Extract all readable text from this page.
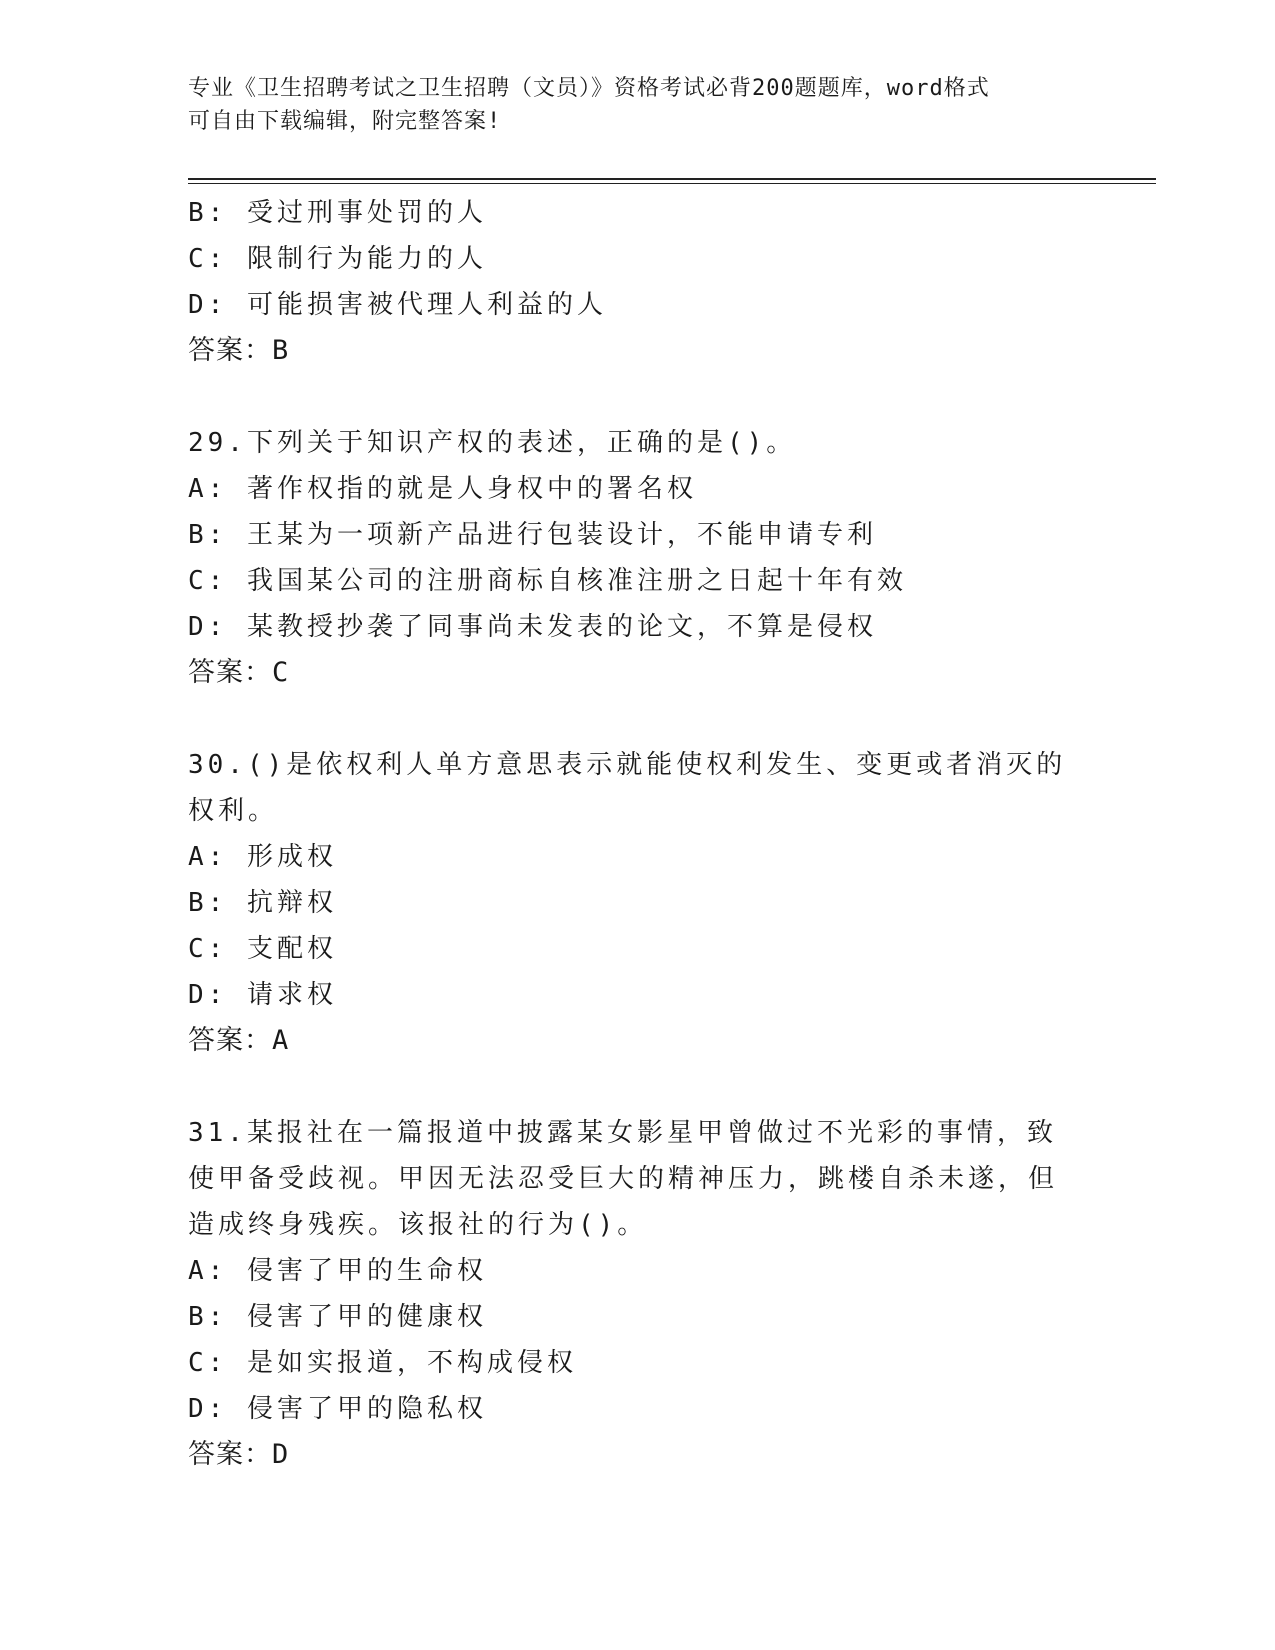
专业《卫生招聘考试之卫生招聘（文员）》资格考试必背200题题库，word格式
可自由下载编辑，附完整答案!
B: 受过刑事处罚的人
C: 限制行为能力的人
D: 可能损害被代理人利益的人
答案：B
29.下列关于知识产权的表述，正确的是()。
A: 著作权指的就是人身权中的署名权
B: 王某为一项新产品进行包装设计，不能申请专利
C: 我国某公司的注册商标自核准注册之日起十年有效
D: 某教授抄袭了同事尚未发表的论文，不算是侵权
答案：C
30.()是依权利人单方意思表示就能使权利发生、变更或者消灭的权利。
A: 形成权
B: 抗辩权
C: 支配权
D: 请求权
答案：A
31.某报社在一篇报道中披露某女影星甲曾做过不光彩的事情，致使甲备受歧视。甲因无法忍受巨大的精神压力，跳楼自杀未遂，但造成终身残疾。该报社的行为()。
A: 侵害了甲的生命权
B: 侵害了甲的健康权
C: 是如实报道，不构成侵权
D: 侵害了甲的隐私权
答案：D
